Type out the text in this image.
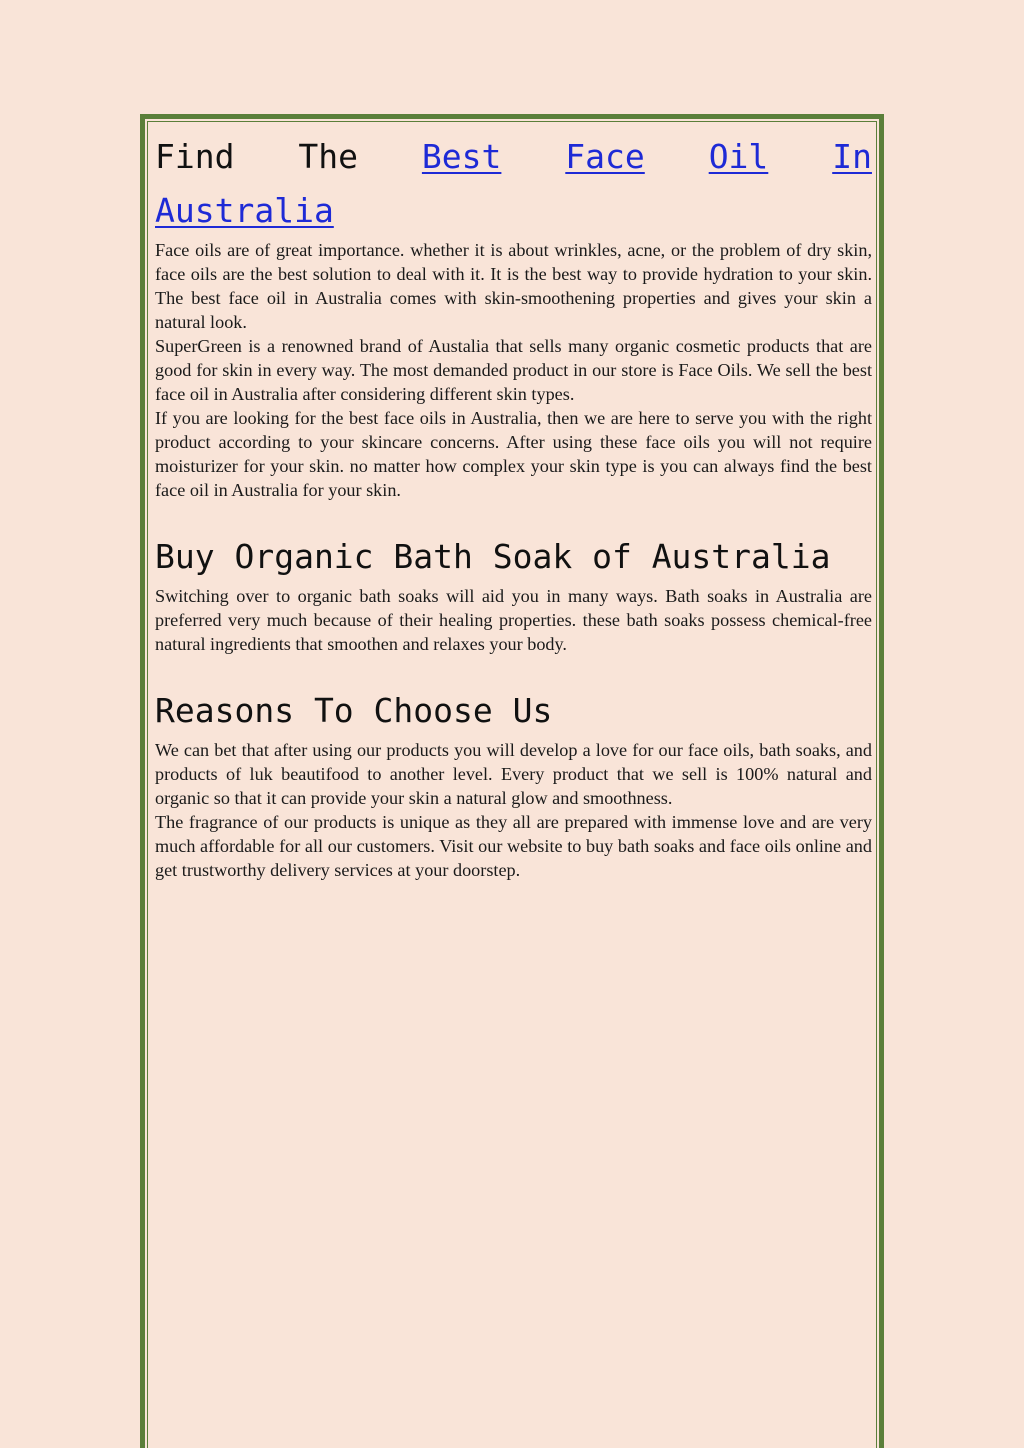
Find The Best Face Oil In
Australia

Face oils are of great importance. whether it is about wrinkles, acne, or the problem of dry skin, face oils are the best solution to deal with it. It is the best way to provide hydration to your skin. The best face oil in Australia comes with skin-smoothening properties and gives your skin a natural look.

SuperGreen is a renowned brand of Austalia that sells many organic cosmetic products that are good for skin in every way. The most demanded product in our store is Face Oils. We sell the best face oil in Australia after considering different skin types.

If you are looking for the best face oils in Australia, then we are here to serve you with the right product according to your skincare concerns. After using these face oils you will not require moisturizer for your skin. no matter how complex your skin type is you can always find the best face oil in Australia for your skin.

Buy Organic Bath Soak of Australia

Switching over to organic bath soaks will aid you in many ways. Bath soaks in Australia are preferred very much because of their healing properties. these bath soaks possess chemical-free natural ingredients that smoothen and relaxes your body.

Reasons To Choose Us

We can bet that after using our products you will develop a love for our face oils, bath soaks, and products of luk beautifood to another level. Every product that we sell is 100% natural and organic so that it can provide your skin a natural glow and smoothness.

The fragrance of our products is unique as they all are prepared with immense love and are very much affordable for all our customers. Visit our website to buy bath soaks and face oils online and get trustworthy delivery services at your doorstep.
